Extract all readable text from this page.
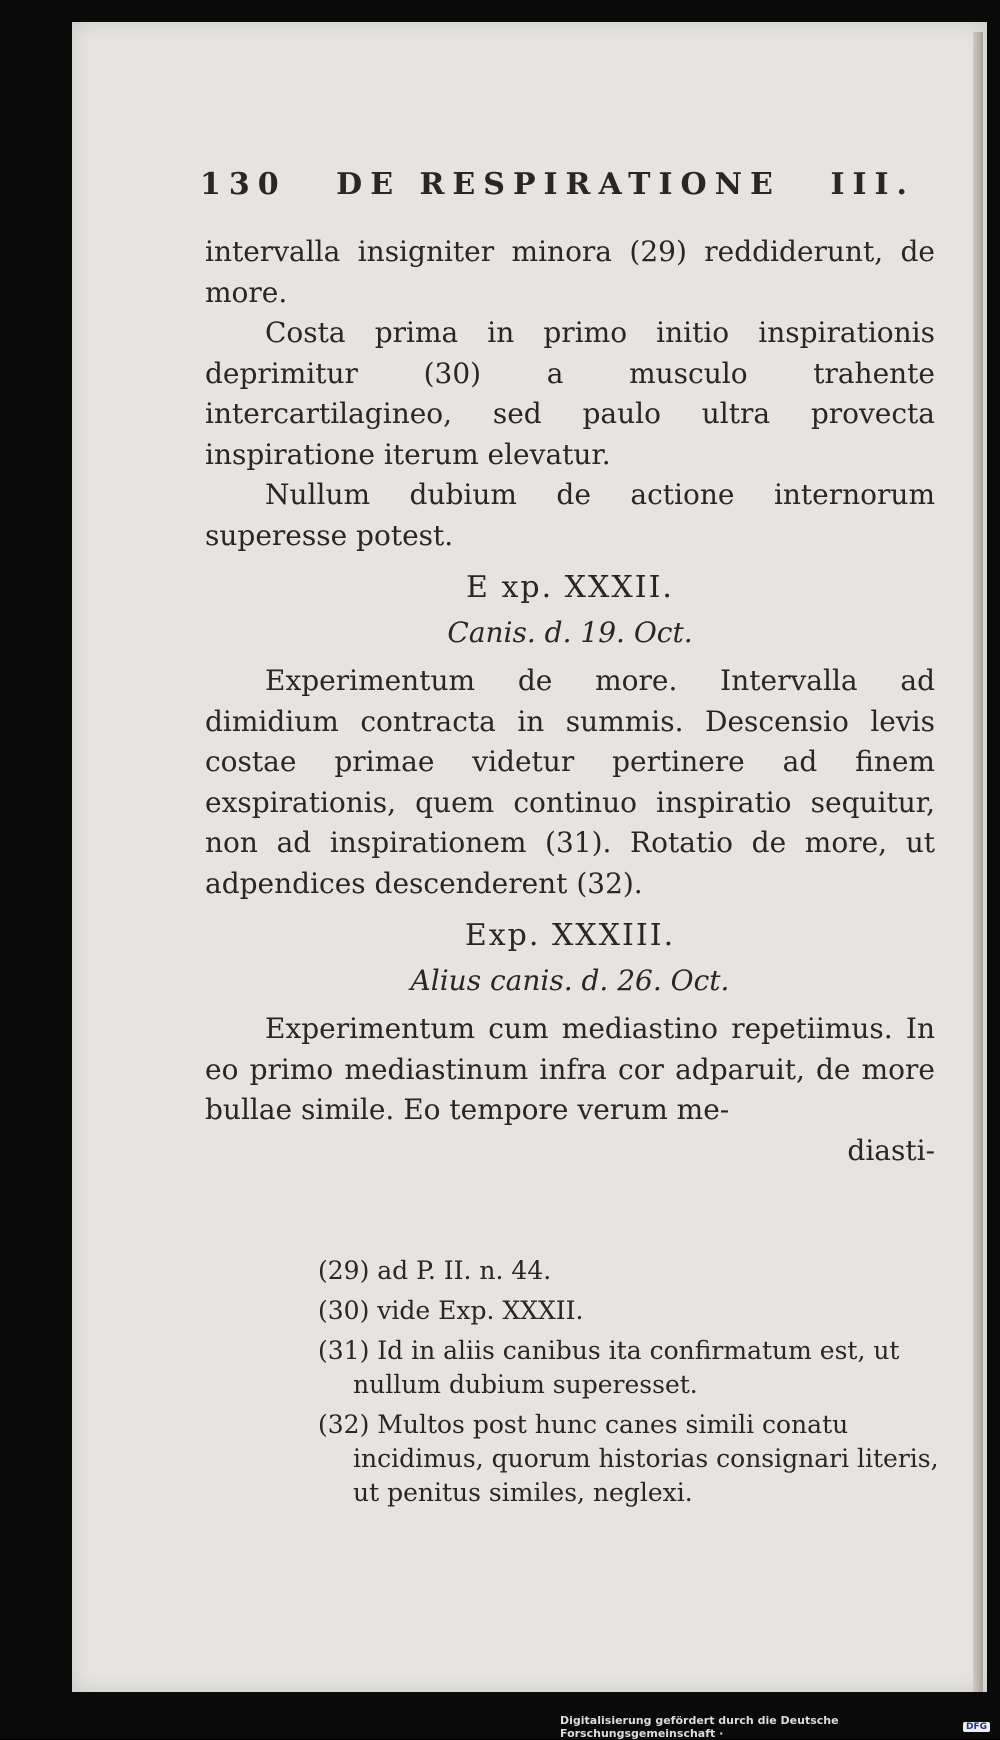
130 DE RESPIRATIONE III.

intervalla insigniter minora (29) reddiderunt, de more.

Costa prima in primo initio inspirationis deprimitur (30) a musculo trahente intercartilagineo, sed paulo ultra provecta inspiratione iterum elevatur.

Nullum dubium de actione internorum superesse potest.

E xp. XXXII.
Canis. d. 19. Oct.

Experimentum de more. Intervalla ad dimidium contracta in summis. Descensio levis costae primae videtur pertinere ad finem exspirationis, quem continuo inspiratio sequitur, non ad inspirationem (31). Rotatio de more, ut adpendices descenderent (32).

Exp. XXXIII.
Alius canis. d. 26. Oct.

Experimentum cum mediastino repetiimus. In eo primo mediastinum infra cor adparuit, de more bullae simile. Eo tempore verum me-

diasti-

(29) ad P. II. n. 44.

(30) vide Exp. XXXII.

(31) Id in aliis canibus ita confirmatum est, ut nullum dubium superesset.

(32) Multos post hunc canes simili conatu incidimus, quorum historias consignari literis, ut penitus similes, neglexi.

Digitalisierung gefördert durch die Deutsche Forschungsgemeinschaft ·	DFG
